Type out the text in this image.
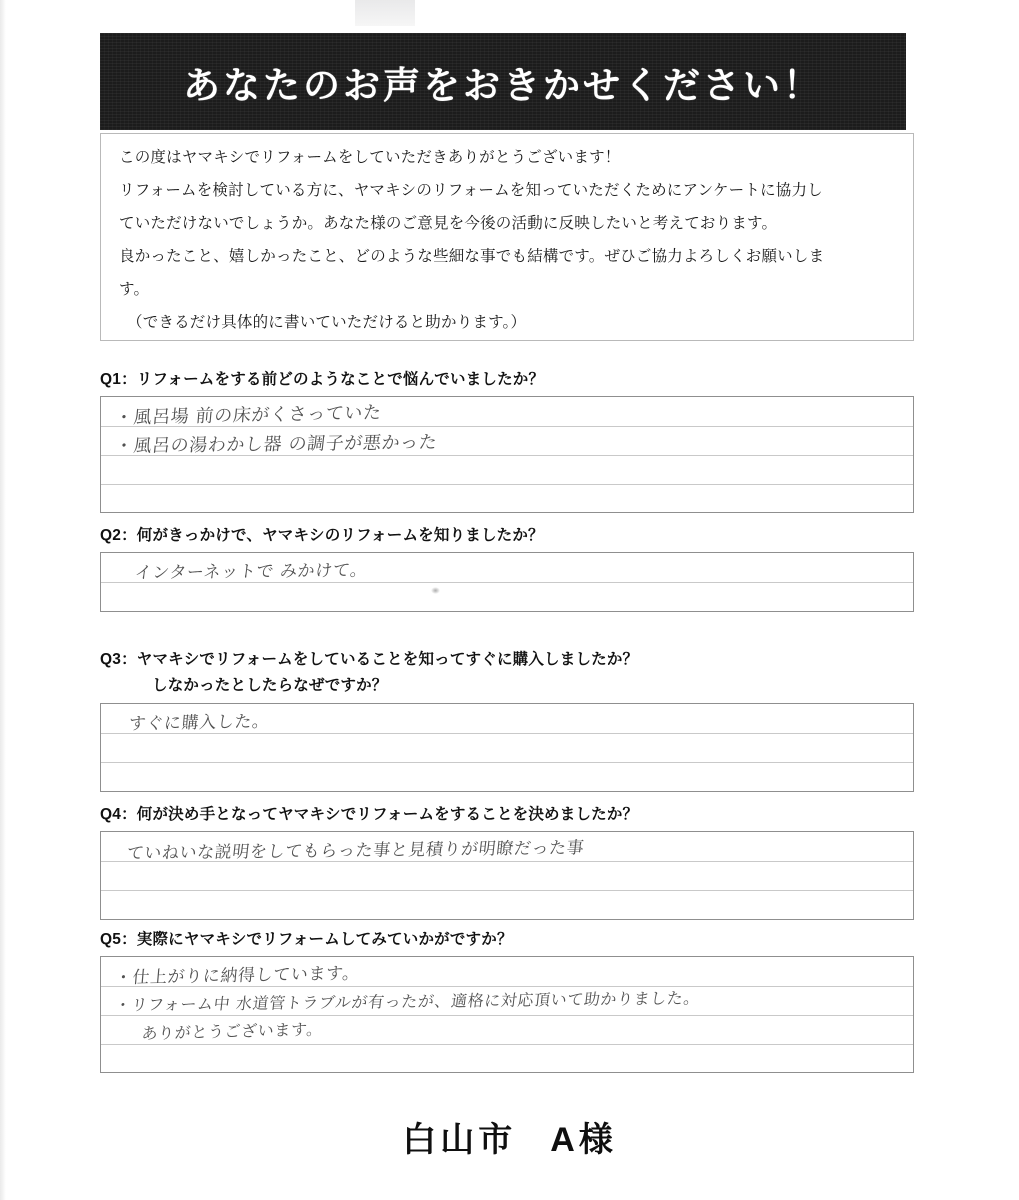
あなたのお声をおきかせください！

この度はヤマキシでリフォームをしていただきありがとうございます！

リフォームを検討している方に、ヤマキシのリフォームを知っていただくためにアンケートに協力し

ていただけないでしょうか。あなた様のご意見を今後の活動に反映したいと考えております。

良かったこと、嬉しかったこと、どのような些細な事でも結構です。ぜひご協力よろしくお願いしま

す。

（できるだけ具体的に書いていただけると助かります。）

Q1：リフォームをする前どのようなことで悩んでいましたか？
・風呂場 前の床がくさっていた
・風呂の湯わかし器 の調子が悪かった
Q2：何がきっかけで、ヤマキシのリフォームを知りましたか？
インターネットで みかけて。
Q3：ヤマキシでリフォームをしていることを知ってすぐに購入しましたか？
しなかったとしたらなぜですか？
すぐに購入した。
Q4：何が決め手となってヤマキシでリフォームをすることを決めましたか？
ていねいな説明をしてもらった事と見積りが明瞭だった事
Q5：実際にヤマキシでリフォームしてみていかがですか？
・仕上がりに納得しています。
・リフォーム中 水道管トラブルが有ったが、適格に対応頂いて助かりました。
　ありがとうございます。
白山市 A様
